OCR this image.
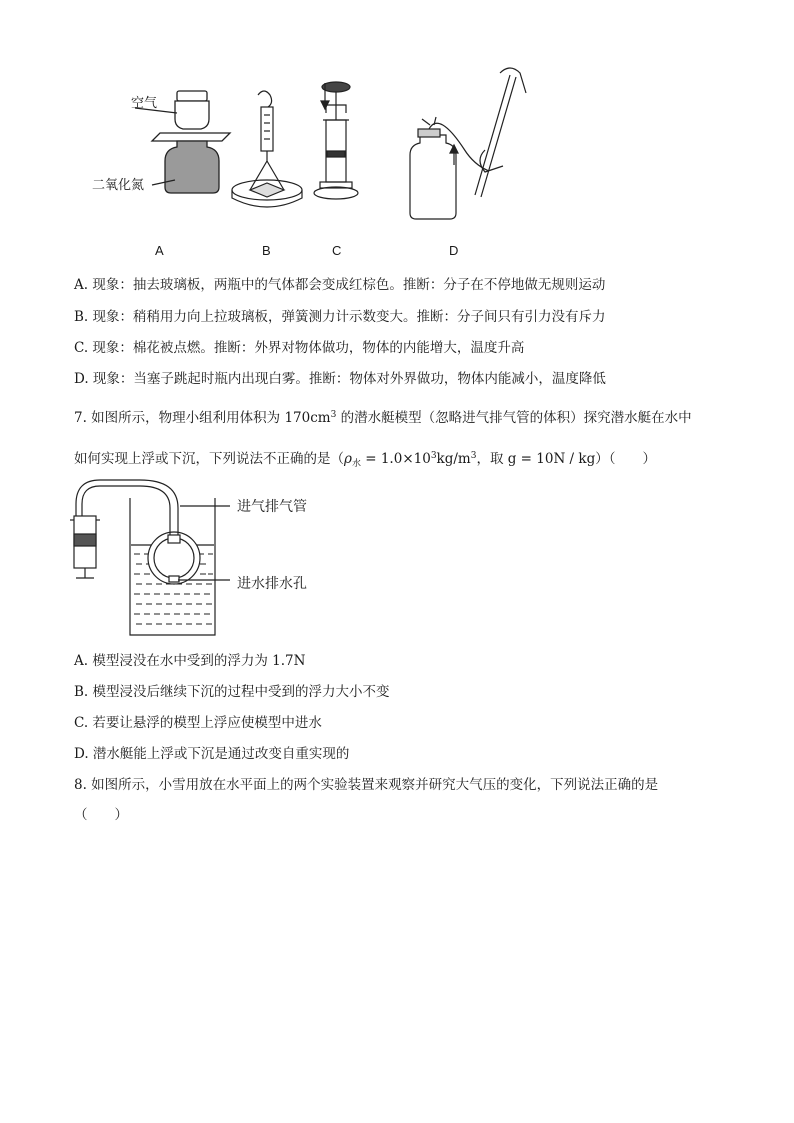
空气
二氧化氮
A	B	C	D
A. 现象：抽去玻璃板，两瓶中的气体都会变成红棕色。推断：分子在不停地做无规则运动
B. 现象：稍稍用力向上拉玻璃板，弹簧测力计示数变大。推断：分子间只有引力没有斥力
C. 现象：棉花被点燃。推断：外界对物体做功，物体的内能增大，温度升高
D. 现象：当塞子跳起时瓶内出现白雾。推断：物体对外界做功，物体内能减小，温度降低
7. 如图所示，物理小组利用体积为 $170cm^3$ 的潜水艇模型（忽略进气排气管的体积）探究潜水艇在水中
如何实现上浮或下沉，下列说法不正确的是（$\rho_水 = 1.0\times 10^3kg/m^3$，取 g = 10N / kg）（　　）
进气排气管
进水排水孔
A. 模型浸没在水中受到的浮力为 1.7N
B. 模型浸没后继续下沉的过程中受到的浮力大小不变
C. 若要让悬浮的模型上浮应使模型中进水
D. 潜水艇能上浮或下沉是通过改变自重实现的
8. 如图所示，小雪用放在水平面上的两个实验装置来观察并研究大气压的变化，下列说法正确的是
（　　）
